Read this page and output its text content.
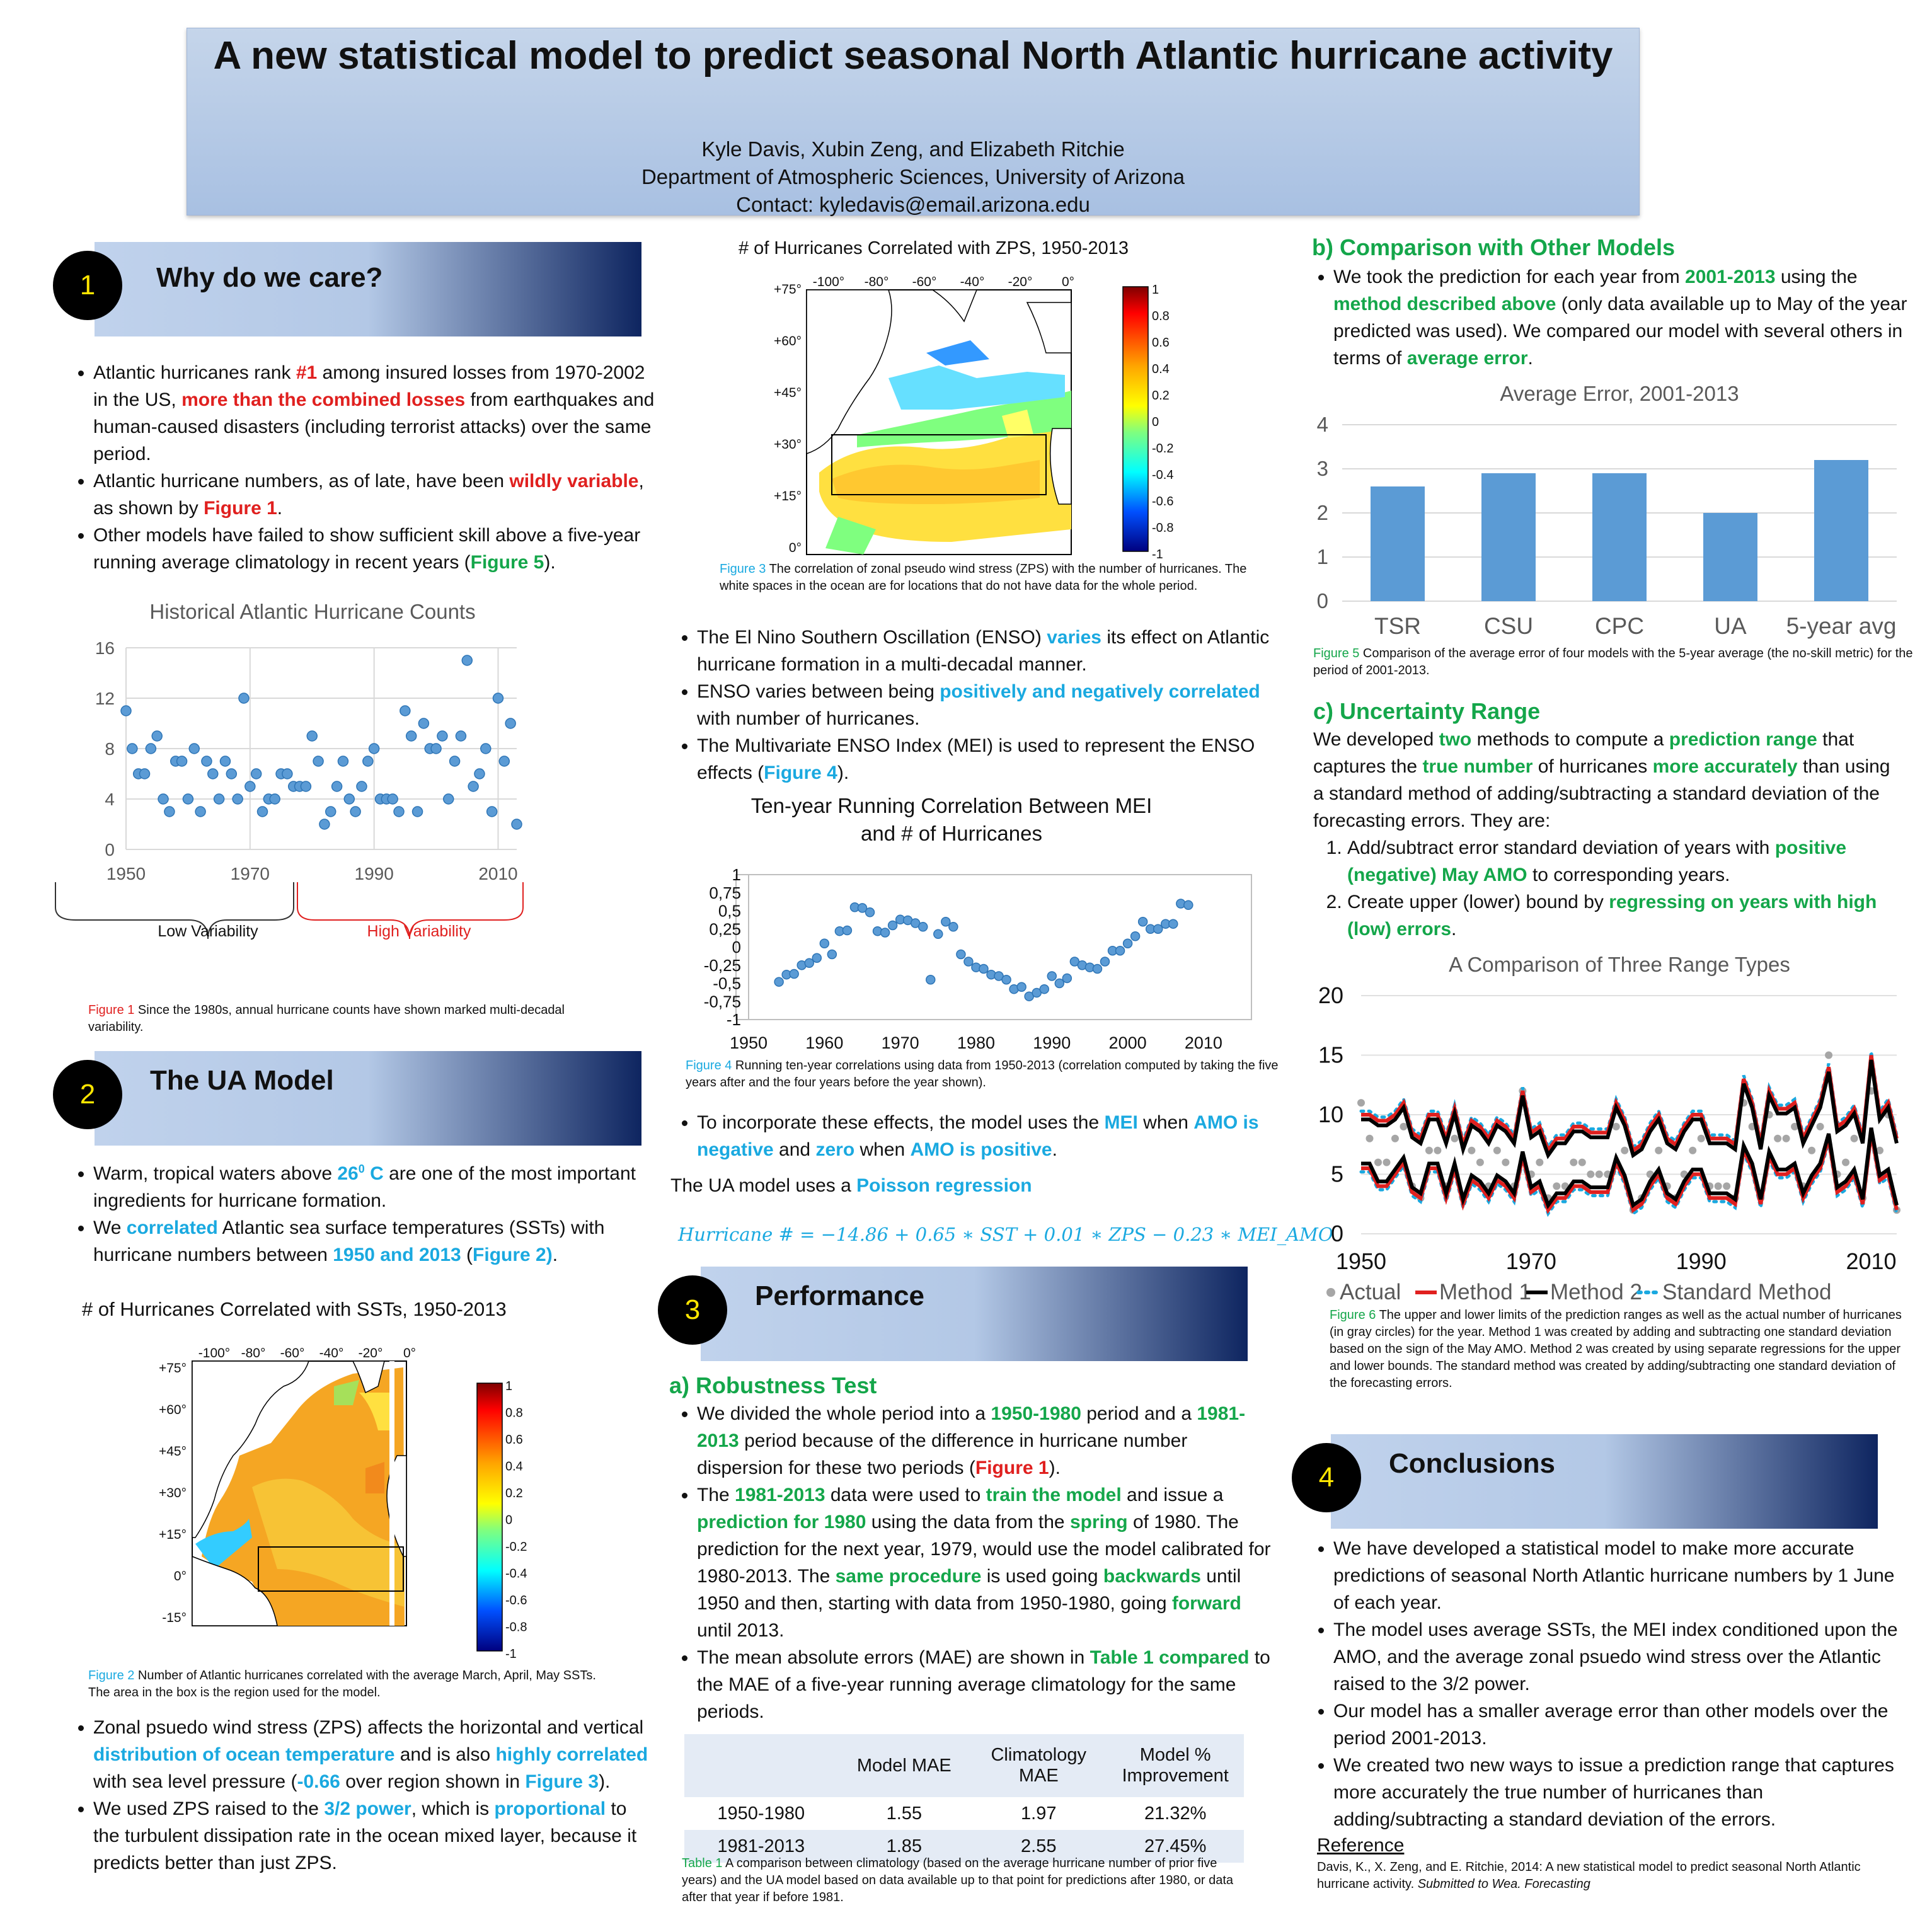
A new statistical model to predict seasonal North Atlantic hurricane activity
Kyle Davis, Xubin Zeng, and Elizabeth Ritchie
Department of Atmospheric Sciences, University of Arizona
Contact: kyledavis@email.arizona.edu
Why do we care?
1
• Atlantic hurricanes rank #1 among insured losses from 1970-2002 in the US, more than the combined losses from earthquakes and human-caused disasters (including terrorist attacks) over the same period.
• Atlantic hurricane numbers, as of late, have been wildly variable, as shown by Figure 1.
• Other models have failed to show sufficient skill above a five-year running average climatology in recent years (Figure 5).
Historical Atlantic Hurricane Counts
0
4
8
12
16
1950	1970	1990	2010
Low Variability	High Variability
Figure 1 Since the 1980s, annual hurricane counts have shown marked multi-decadal variability.
The UA Model
2
• Warm, tropical waters above $26^0$ C are one of the most important ingredients for hurricane formation.
• We correlated Atlantic sea surface temperatures (SSTs) with hurricane numbers between 1950 and 2013 (Figure 2).
# of Hurricanes Correlated with SSTs, 1950-2013
-100° -80° -60° -40° -20° 0°
+75°
+60°
+45°
+30°
+15°
0°
-15°
1
0.8
0.6
0.4
0.2
0
-0.2
-0.4
-0.6
-0.8
-1
Figure 2 Number of Atlantic hurricanes correlated with the average March, April, May SSTs. The area in the box is the region used for the model.
• Zonal psuedo wind stress (ZPS) affects the horizontal and vertical distribution of ocean temperature and is also highly correlated with sea level pressure (-0.66 over region shown in Figure 3).
• We used ZPS raised to the 3/2 power, which is proportional to the turbulent dissipation rate in the ocean mixed layer, because it predicts better than just ZPS.
# of Hurricanes Correlated with ZPS, 1950-2013
-100° -80° -60° -40° -20° 0°
+75°
+60°
+45°
+30°
+15°
0°
1
0.8
0.6
0.4
0.2
0
-0.2
-0.4
-0.6
-0.8
-1
Figure 3 The correlation of zonal pseudo wind stress (ZPS) with the number of hurricanes. The white spaces in the ocean are for locations that do not have data for the whole period.
• The El Nino Southern Oscillation (ENSO) varies its effect on Atlantic hurricane formation in a multi-decadal manner.
• ENSO varies between being positively and negatively correlated with number of hurricanes.
• The Multivariate ENSO Index (MEI) is used to represent the ENSO effects (Figure 4).
Ten-year Running Correlation Between MEI
and # of Hurricanes
1
0,75
0,5
0,25
0
-0,25
-0,5
-0,75
-1
1950 1960 1970 1980 1990 2000 2010
Figure 4 Running ten-year correlations using data from 1950-2013 (correlation computed by taking the five years after and the four years before the year shown).
• To incorporate these effects, the model uses the MEI when AMO is negative and zero when AMO is positive.
The UA model uses a Poisson regression
Hurricane # = −14.86 + 0.65 ∗ SST + 0.01 ∗ ZPS − 0.23 ∗ MEI_AMO
Performance
3
a) Robustness Test
• We divided the whole period into a 1950-1980 period and a 1981-2013 period because of the difference in hurricane number dispersion for these two periods (Figure 1).
• The 1981-2013 data were used to train the model and issue a prediction for 1980 using the data from the spring of 1980. The prediction for the next year, 1979, would use the model calibrated for 1980-2013. The same procedure is used going backwards until 1950 and then, starting with data from 1950-1980, going forward until 2013.
• The mean absolute errors (MAE) are shown in Table 1 compared to the MAE of a five-year running average climatology for the same periods.
	Model MAE	Climatology MAE	Model % Improvement
1950-1980	1.55	1.97	21.32%
1981-2013	1.85	2.55	27.45%
Table 1 A comparison between climatology (based on the average hurricane number of prior five years) and the UA model based on data available up to that point for predictions after 1980, or data after that year if before 1981.
b) Comparison with Other Models
• We took the prediction for each year from 2001-2013 using the method described above (only data available up to May of the year predicted was used). We compared our model with several others in terms of average error.
Average Error, 2001-2013
0
1
2
3
4
TSR	CSU	CPC	UA 5-year avg
Figure 5 Comparison of the average error of four models with the 5-year average (the no-skill metric) for the period of 2001-2013.
c) Uncertainty Range
We developed two methods to compute a prediction range that captures the true number of hurricanes more accurately than using a standard method of adding/subtracting a standard deviation of the forecasting errors. They are:
1. Add/subtract error standard deviation of years with positive (negative) May AMO to corresponding years.
2. Create upper (lower) bound by regressing on years with high (low) errors.
A Comparison of Three Range Types
0
5
10
15
20
1950	1970	1990	2010
Actual Method 1 Method 2 Standard Method
Figure 6 The upper and lower limits of the prediction ranges as well as the actual number of hurricanes (in gray circles) for the year. Method 1 was created by adding and subtracting one standard deviation based on the sign of the May AMO. Method 2 was created by using separate regressions for the upper and lower bounds. The standard method was created by adding/subtracting one standard deviation of the forecasting errors.
Conclusions
4
• We have developed a statistical model to make more accurate predictions of seasonal North Atlantic hurricane numbers by 1 June of each year.
• The model uses average SSTs, the MEI index conditioned upon the AMO, and the average zonal psuedo wind stress over the Atlantic raised to the 3/2 power.
• Our model has a smaller average error than other models over the period 2001-2013.
• We created two new ways to issue a prediction range that captures more accurately the true number of hurricanes than adding/subtracting a standard deviation of the errors.
Reference
Davis, K., X. Zeng, and E. Ritchie, 2014: A new statistical model to predict seasonal North Atlantic hurricane activity. Submitted to Wea. Forecasting
